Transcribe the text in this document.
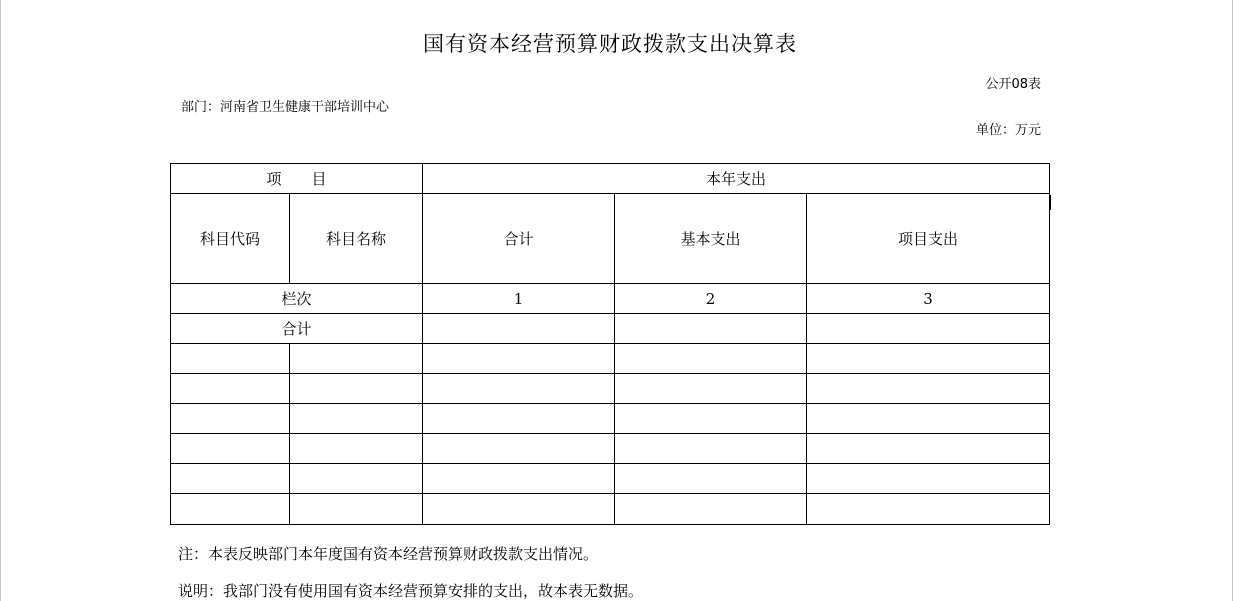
国有资本经营预算财政拨款支出决算表
公开08表
部门：河南省卫生健康干部培训中心
单位：万元
项　　目		本年支出		
科目代码	科目名称	合计	基本支出	项目支出
栏次		1	2	3
合计				

注：本表反映部门本年度国有资本经营预算财政拨款支出情况。
说明：我部门没有使用国有资本经营预算安排的支出，故本表无数据。
